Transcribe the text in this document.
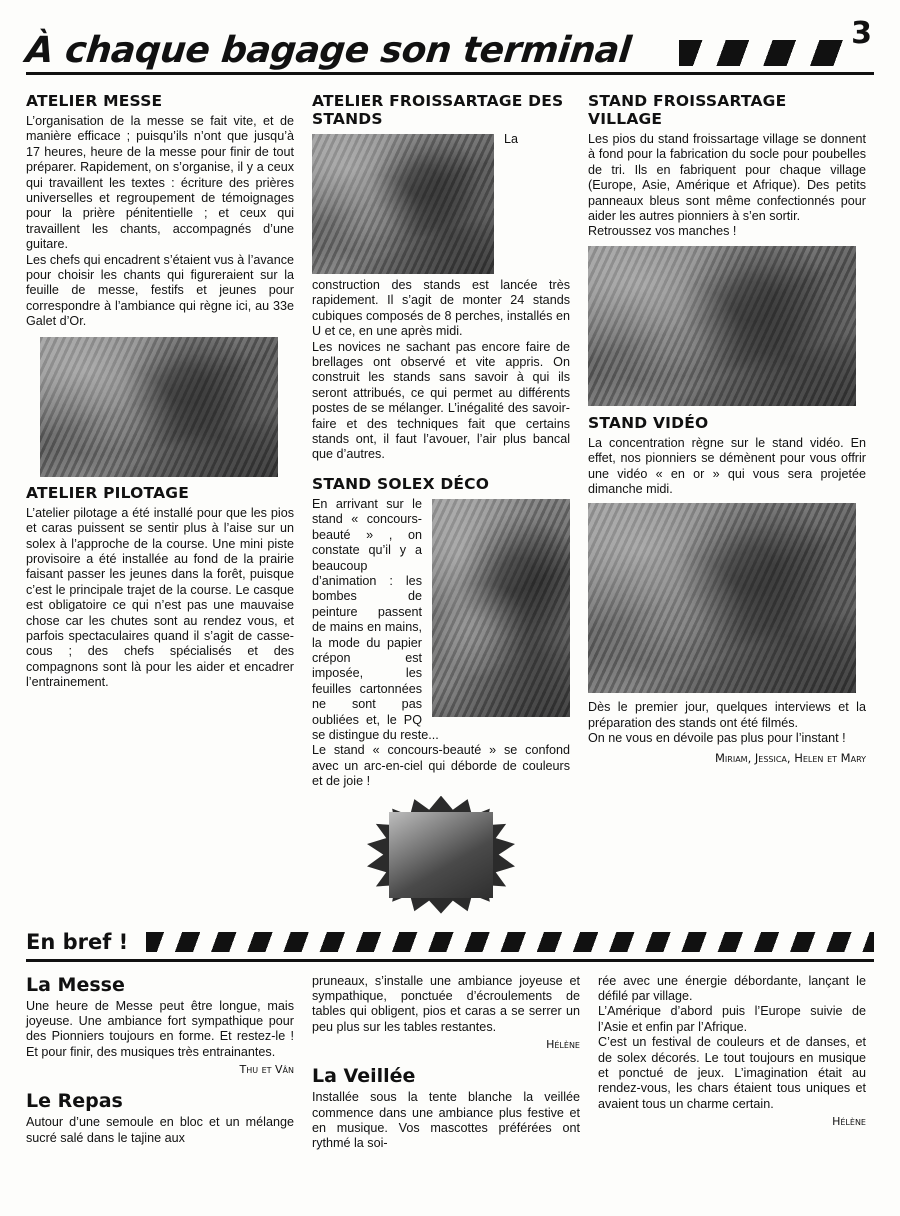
À chaque bagage son terminal	3
ATELIER MESSE

L’organisation de la messe se fait vite, et de manière efficace ; puisqu’ils n’ont que jusqu’à 17 heures, heure de la messe pour finir de tout préparer. Rapidement, on s’organise, il y a ceux qui travaillent les textes : écriture des prières universelles et regroupement de témoignages pour la prière pénitentielle ; et ceux qui travaillent les chants, accompagnés d’une guitare.

Les chefs qui encadrent s’étaient vus à l’avance pour choisir les chants qui figureraient sur la feuille de messe, festifs et jeunes pour correspondre à l’ambiance qui règne ici, au 33e Galet d’Or.

ATELIER PILOTAGE

L’atelier pilotage a été installé pour que les pios et caras puissent se sentir plus à l’aise sur un solex à l’approche de la course. Une mini piste provisoire a été installée au fond de la prairie faisant passer les jeunes dans la forêt, puisque c’est le principale trajet de la course. Le casque est obligatoire ce qui n’est pas une mauvaise chose car les chutes sont au rendez vous, et parfois spectaculaires quand il s’agit de casse-cous ; des chefs spécialisés et des compagnons sont là pour les aider et encadrer l’entrainement.

ATELIER FROISSARTAGE DES STANDS

La construction des stands est lancée très rapidement. Il s’agit de monter 24 stands cubiques composés de 8 perches, installés en U et ce, en une après midi.

Les novices ne sachant pas encore faire de brellages ont observé et vite appris. On construit les stands sans savoir à qui ils seront attribués, ce qui permet au différents postes de se mélanger. L’inégalité des savoir-faire et des techniques fait que certains stands ont, il faut l’avouer, l’air plus bancal que d’autres.

STAND SOLEX DÉCO

En arrivant sur le stand « concours-beauté » , on constate qu’il y a beaucoup d’animation : les bombes de peinture passent de mains en mains, la mode du papier crépon est imposée, les feuilles cartonnées ne sont pas oubliées et, le PQ se distingue du reste...

Le stand « concours-beauté » se confond avec un arc-en-ciel qui déborde de couleurs et de joie !

STAND FROISSARTAGE VILLAGE

Les pios du stand froissartage village se donnent à fond pour la fabrication du socle pour poubelles de tri. Ils en fabriquent pour chaque village (Europe, Asie, Amérique et Afrique). Des petits panneaux bleus sont même confectionnés pour aider les autres pionniers à s’en sortir.

Retroussez vos manches !

STAND VIDÉO

La concentration règne sur le stand vidéo. En effet, nos pionniers se démènent pour vous offrir une vidéo « en or » qui vous sera projetée dimanche midi.

Dès le premier jour, quelques interviews et la préparation des stands ont été filmés.

On ne vous en dévoile pas plus pour l’instant !

Miriam, Jessica, Helen et Mary
En bref !
La Messe

Une heure de Messe peut être longue, mais joyeuse. Une ambiance fort sympathique pour des Pionniers toujours en forme. Et restez-le ! Et pour finir, des musiques très entrainantes.

Thu et Vân
Le Repas

Autour d’une semoule en bloc et un mélange sucré salé dans le tajine aux

pruneaux, s’installe une ambiance joyeuse et sympathique, ponctuée d’écroulements de tables qui obligent, pios et caras a se serrer un peu plus sur les tables restantes.

Hélène
La Veillée

Installée sous la tente blanche la veillée commence dans une ambiance plus festive et en musique. Vos mascottes préférées ont rythmé la soi-

rée avec une énergie débordante, lançant le défilé par village.

L’Amérique d’abord puis l’Europe suivie de l’Asie et enfin par l’Afrique.

C’est un festival de couleurs et de danses, et de solex décorés. Le tout toujours en musique et ponctué de jeux. L’imagination était au rendez-vous, les chars étaient tous uniques et avaient tous un charme certain.

Hélène
